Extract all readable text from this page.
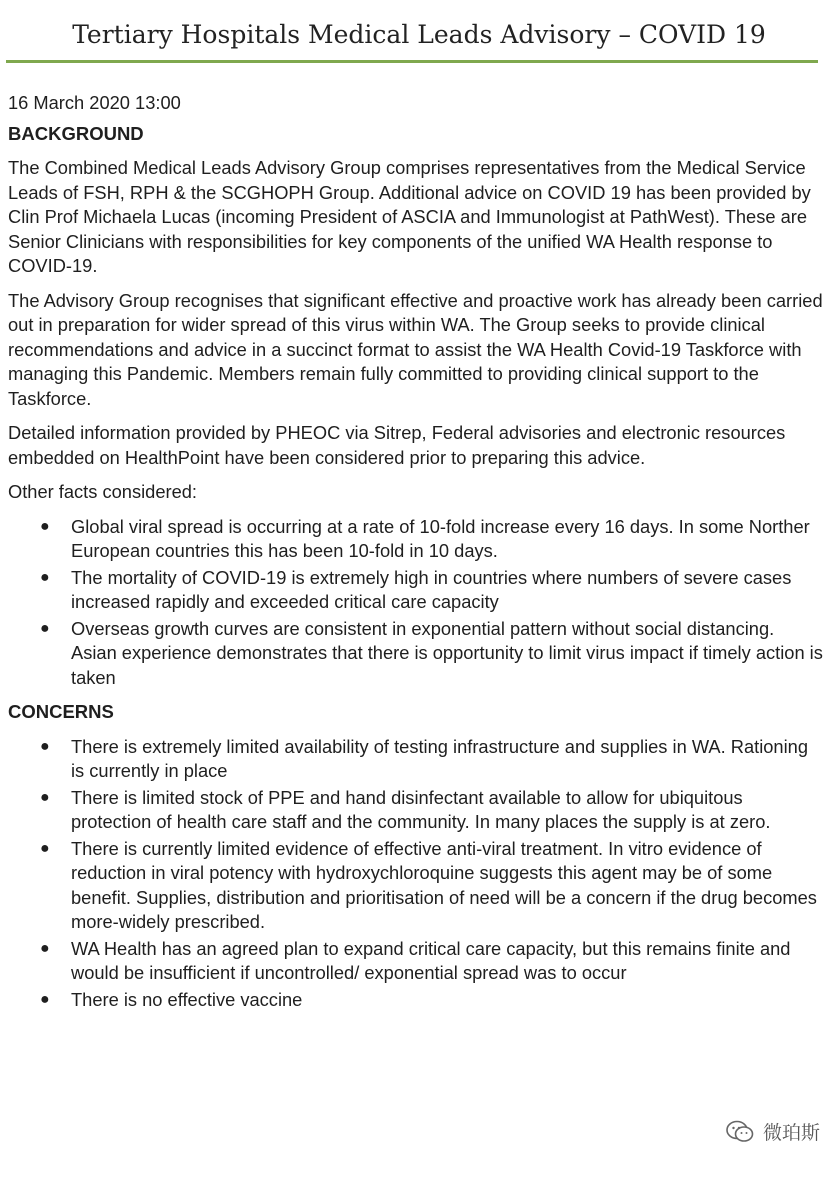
Tertiary Hospitals Medical Leads Advisory – COVID 19

16 March 2020 13:00

BACKGROUND

The Combined Medical Leads Advisory Group comprises representatives from the Medical Service Leads of FSH, RPH & the SCGHOPH Group. Additional advice on COVID 19 has been provided by Clin Prof Michaela Lucas (incoming President of ASCIA and Immunologist at PathWest). These are Senior Clinicians with responsibilities for key components of the unified WA Health response to COVID-19.

The Advisory Group recognises that significant effective and proactive work has already been carried out in preparation for wider spread of this virus within WA. The Group seeks to provide clinical recommendations and advice in a succinct format to assist the WA Health Covid-19 Taskforce with managing this Pandemic. Members remain fully committed to providing clinical support to the Taskforce.

Detailed information provided by PHEOC via Sitrep, Federal advisories and electronic resources embedded on HealthPoint have been considered prior to preparing this advice.

Other facts considered:

● Global viral spread is occurring at a rate of 10-fold increase every 16 days. In some Norther European countries this has been 10-fold in 10 days.
● The mortality of COVID-19 is extremely high in countries where numbers of severe cases increased rapidly and exceeded critical care capacity
● Overseas growth curves are consistent in exponential pattern without social distancing. Asian experience demonstrates that there is opportunity to limit virus impact if timely action is taken

CONCERNS

● There is extremely limited availability of testing infrastructure and supplies in WA. Rationing is currently in place
● There is limited stock of PPE and hand disinfectant available to allow for ubiquitous protection of health care staff and the community. In many places the supply is at zero.
● There is currently limited evidence of effective anti-viral treatment. In vitro evidence of reduction in viral potency with hydroxychloroquine suggests this agent may be of some benefit. Supplies, distribution and prioritisation of need will be a concern if the drug becomes more-widely prescribed.
● WA Health has an agreed plan to expand critical care capacity, but this remains finite and would be insufficient if uncontrolled/ exponential spread was to occur
● There is no effective vaccine
微珀斯
